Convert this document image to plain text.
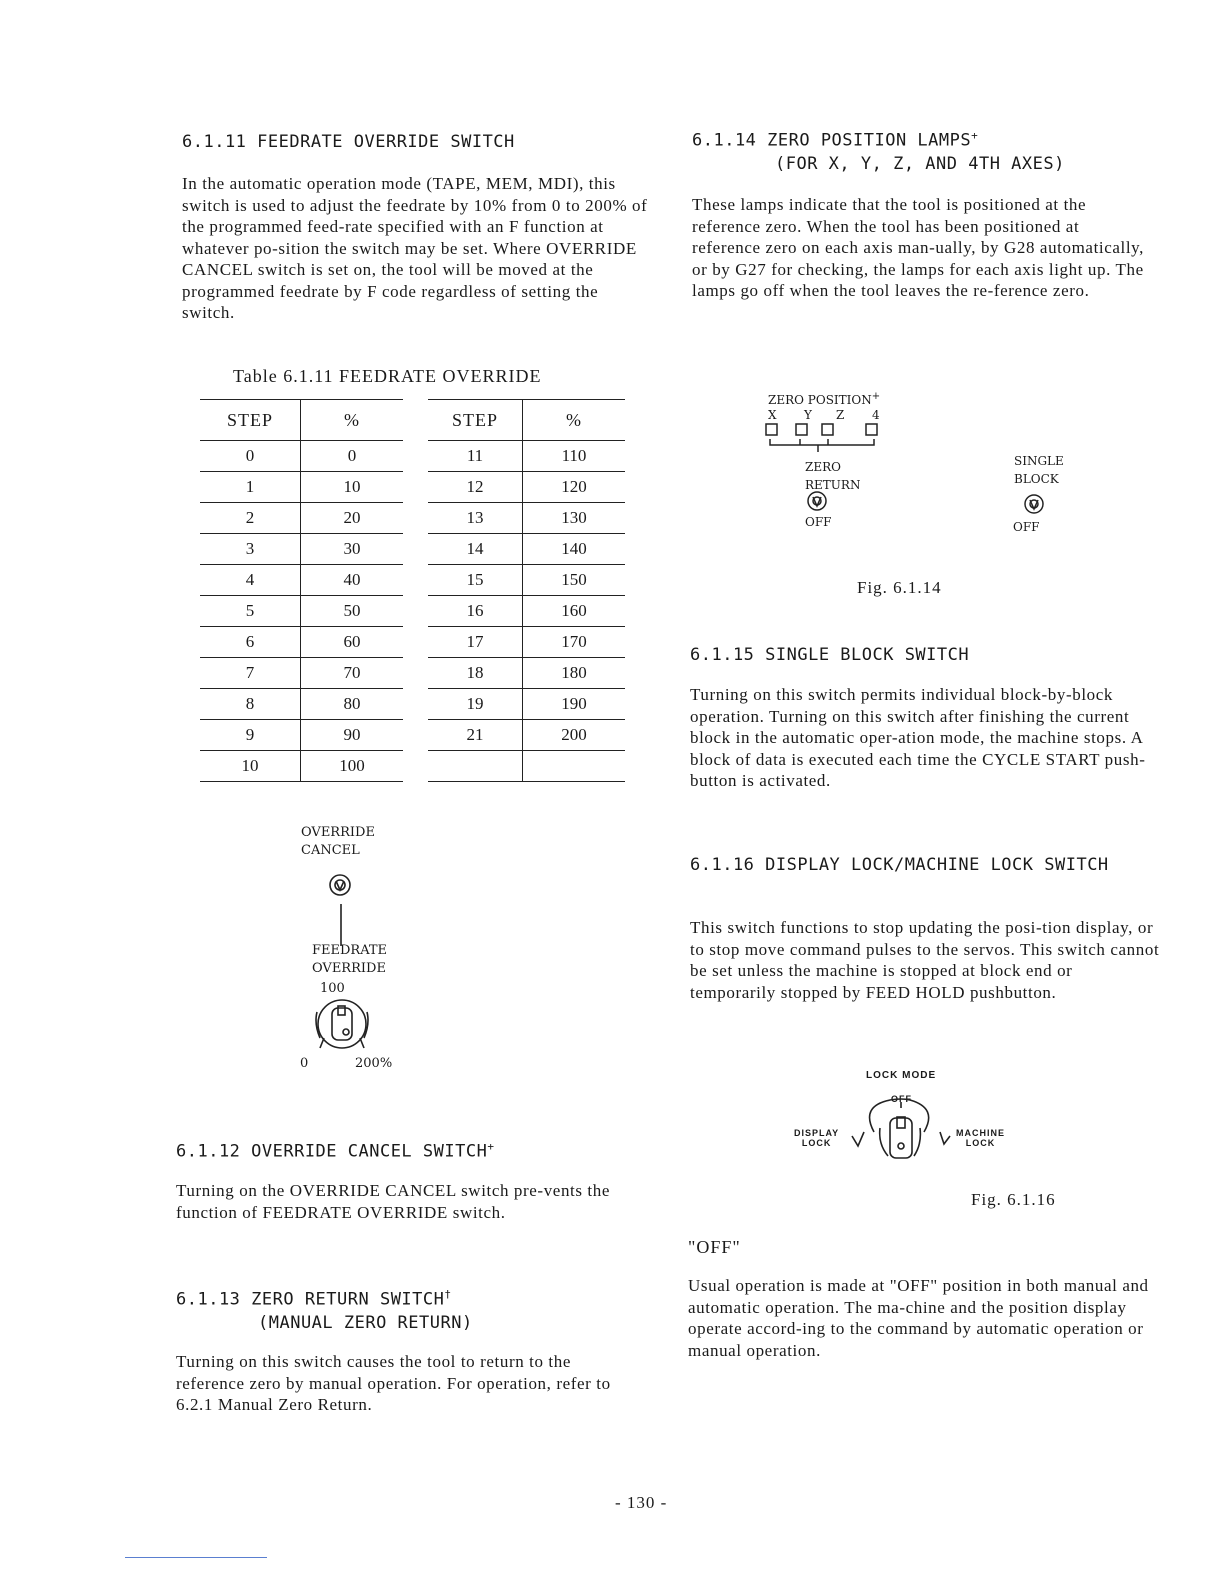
6.1.11 FEEDRATE OVERRIDE SWITCH

In the automatic operation mode (TAPE, MEM, MDI), this switch is used to adjust the feedrate by 10% from 0 to 200% of the programmed feed-rate specified with an F function at whatever po-sition the switch may be set. Where OVERRIDE CANCEL switch is set on, the tool will be moved at the programmed feedrate by F code regardless of setting the switch.

Table 6.1.11 FEEDRATE OVERRIDE
STEP	%		STEP	%
0	0		11	110
1	10		12	120
2	20		13	130
3	30		14	140
4	40		15	150
5	50		16	160
6	60		17	170
7	70		18	180
8	80		19	190
9	90		21	200
10	100			
OVERRIDE
CANCEL
FEEDRATE
OVERRIDE
100
0	200%
6.1.12 OVERRIDE CANCEL SWITCH+

Turning on the OVERRIDE CANCEL switch pre-vents the function of FEEDRATE OVERRIDE switch.

6.1.13 ZERO RETURN SWITCH†
(MANUAL ZERO RETURN)

Turning on this switch causes the tool to return to the reference zero by manual operation. For operation, refer to 6.2.1 Manual Zero Return.

6.1.14 ZERO POSITION LAMPS+
(FOR X, Y, Z, AND 4TH AXES)

These lamps indicate that the tool is positioned at the reference zero. When the tool has been positioned at reference zero on each axis man-ually, by G28 automatically, or by G27 for checking, the lamps for each axis light up. The lamps go off when the tool leaves the re-ference zero.

ZERO POSITION+
X Y Z 4
ZERO
RETURN
OFF
SINGLE
BLOCK
OFF
Fig. 6.1.14
6.1.15 SINGLE BLOCK SWITCH

Turning on this switch permits individual block-by-block operation. Turning on this switch after finishing the current block in the automatic oper-ation mode, the machine stops. A block of data is executed each time the CYCLE START push-button is activated.

6.1.16 DISPLAY LOCK/MACHINE LOCK SWITCH

This switch functions to stop updating the posi-tion display, or to stop move command pulses to the servos. This switch cannot be set unless the machine is stopped at block end or temporarily stopped by FEED HOLD pushbutton.

LOCK MODE
OFF
DISPLAY
LOCK
MACHINE
LOCK
Fig. 6.1.16
"OFF"

Usual operation is made at "OFF" position in both manual and automatic operation. The ma-chine and the position display operate accord-ing to the command by automatic operation or manual operation.

- 130 -
